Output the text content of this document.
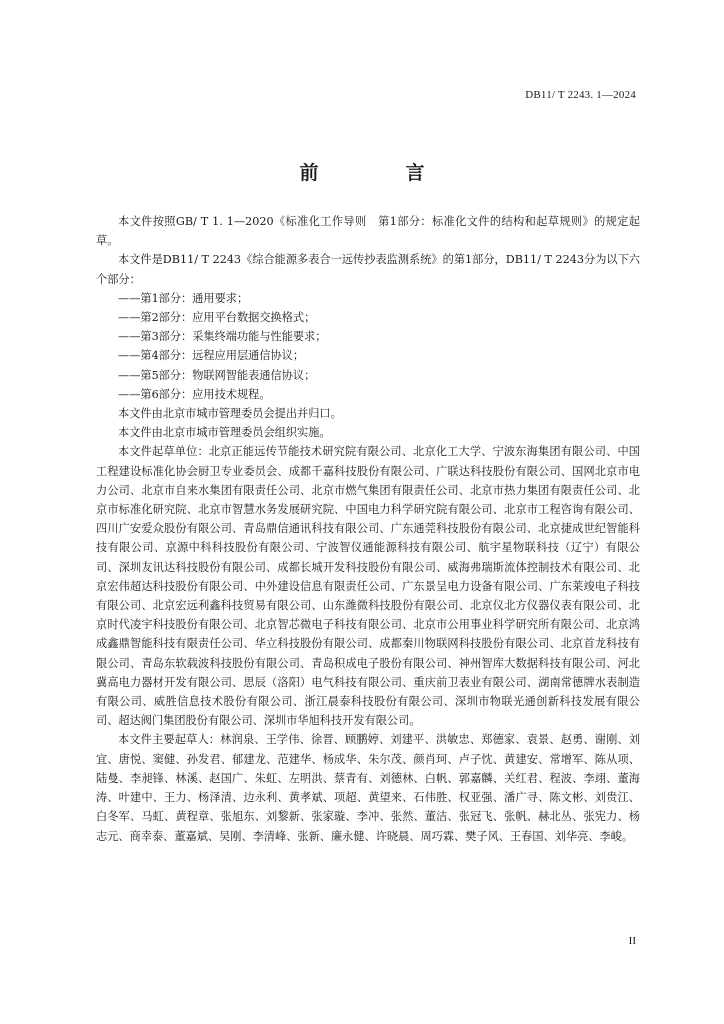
DB11/ T 2243. 1—2024
前　言

本文件按照GB/ T 1. 1—2020《标准化工作导则　第1部分：标准化文件的结构和起草规则》的规定起草。

本文件是DB11/ T 2243《综合能源多表合一远传抄表监测系统》的第1部分，DB11/ T 2243分为以下六个部分：

——第1部分：通用要求；

——第2部分：应用平台数据交换格式；

——第3部分：采集终端功能与性能要求；

——第4部分：远程应用层通信协议；

——第5部分：物联网智能表通信协议；

——第6部分：应用技术规程。

本文件由北京市城市管理委员会提出并归口。

本文件由北京市城市管理委员会组织实施。

本文件起草单位：北京正能远传节能技术研究院有限公司、北京化工大学、宁波东海集团有限公司、中国工程建设标准化协会厨卫专业委员会、成都千嘉科技股份有限公司、广联达科技股份有限公司、国网北京市电力公司、北京市自来水集团有限责任公司、北京市燃气集团有限责任公司、北京市热力集团有限责任公司、北京市标准化研究院、北京市智慧水务发展研究院、中国电力科学研究院有限公司、北京市工程咨询有限公司、四川广安爱众股份有限公司、青岛鼎信通讯科技有限公司、广东通莞科技股份有限公司、北京捷成世纪智能科技有限公司、京源中科科技股份有限公司、宁波智仪通能源科技有限公司、航宇星物联科技（辽宁）有限公司、深圳友讯达科技股份有限公司、成都长城开发科技股份有限公司、威海弗瑞斯流体控制技术有限公司、北京宏伟超达科技股份有限公司、中外建设信息有限责任公司、广东景呈电力设备有限公司、广东莱竣电子科技有限公司、北京宏远利鑫科技贸易有限公司、山东潍微科技股份有限公司、北京仪北方仪器仪表有限公司、北京时代凌宇科技股份有限公司、北京智芯微电子科技有限公司、北京市公用事业科学研究所有限公司、北京鸿成鑫鼎智能科技有限责任公司、华立科技股份有限公司、成都秦川物联网科技股份有限公司、北京首龙科技有限公司、青岛东软载波科技股份有限公司、青岛积成电子股份有限公司、神州智库大数据科技有限公司、河北冀高电力器材开发有限公司、思辰（洛阳）电气科技有限公司、重庆前卫表业有限公司、湖南常德牌水表制造有限公司、威胜信息技术股份有限公司、浙江晨泰科技股份有限公司、深圳市物联光通创新科技发展有限公司、超达阀门集团股份有限公司、深圳市华旭科技开发有限公司。

本文件主要起草人：林润泉、王学伟、徐晋、顾鹏婷、刘建平、洪敏忠、郑德家、袁景、赵勇、谢刚、刘宜、唐悦、窦健、孙发君、郁建龙、范建华、杨成华、朱尔茂、颜肖珂、卢子忱、黄建安、常增军、陈从项、陆曼、李昶锋、林溪、赵国广、朱虹、左明洪、蔡青有、刘德林、白帆、郭嘉麟、关红君、程波、李翊、董海涛、叶建中、王力、杨泽清、边永利、黄孝斌、项超、黄望来、石伟胜、权亚强、潘广寻、陈文彬、刘贵江、白冬军、马虹、黄程章、张旭东、刘黎新、张家璇、李冲、张然、董洁、张冠飞、张帆、赫北丛、张宪力、杨志元、商幸泰、董嘉斌、吴刚、李清峰、张新、廉永健、许晓晨、周巧霖、樊子风、王春国、刘华亮、李峻。

II
